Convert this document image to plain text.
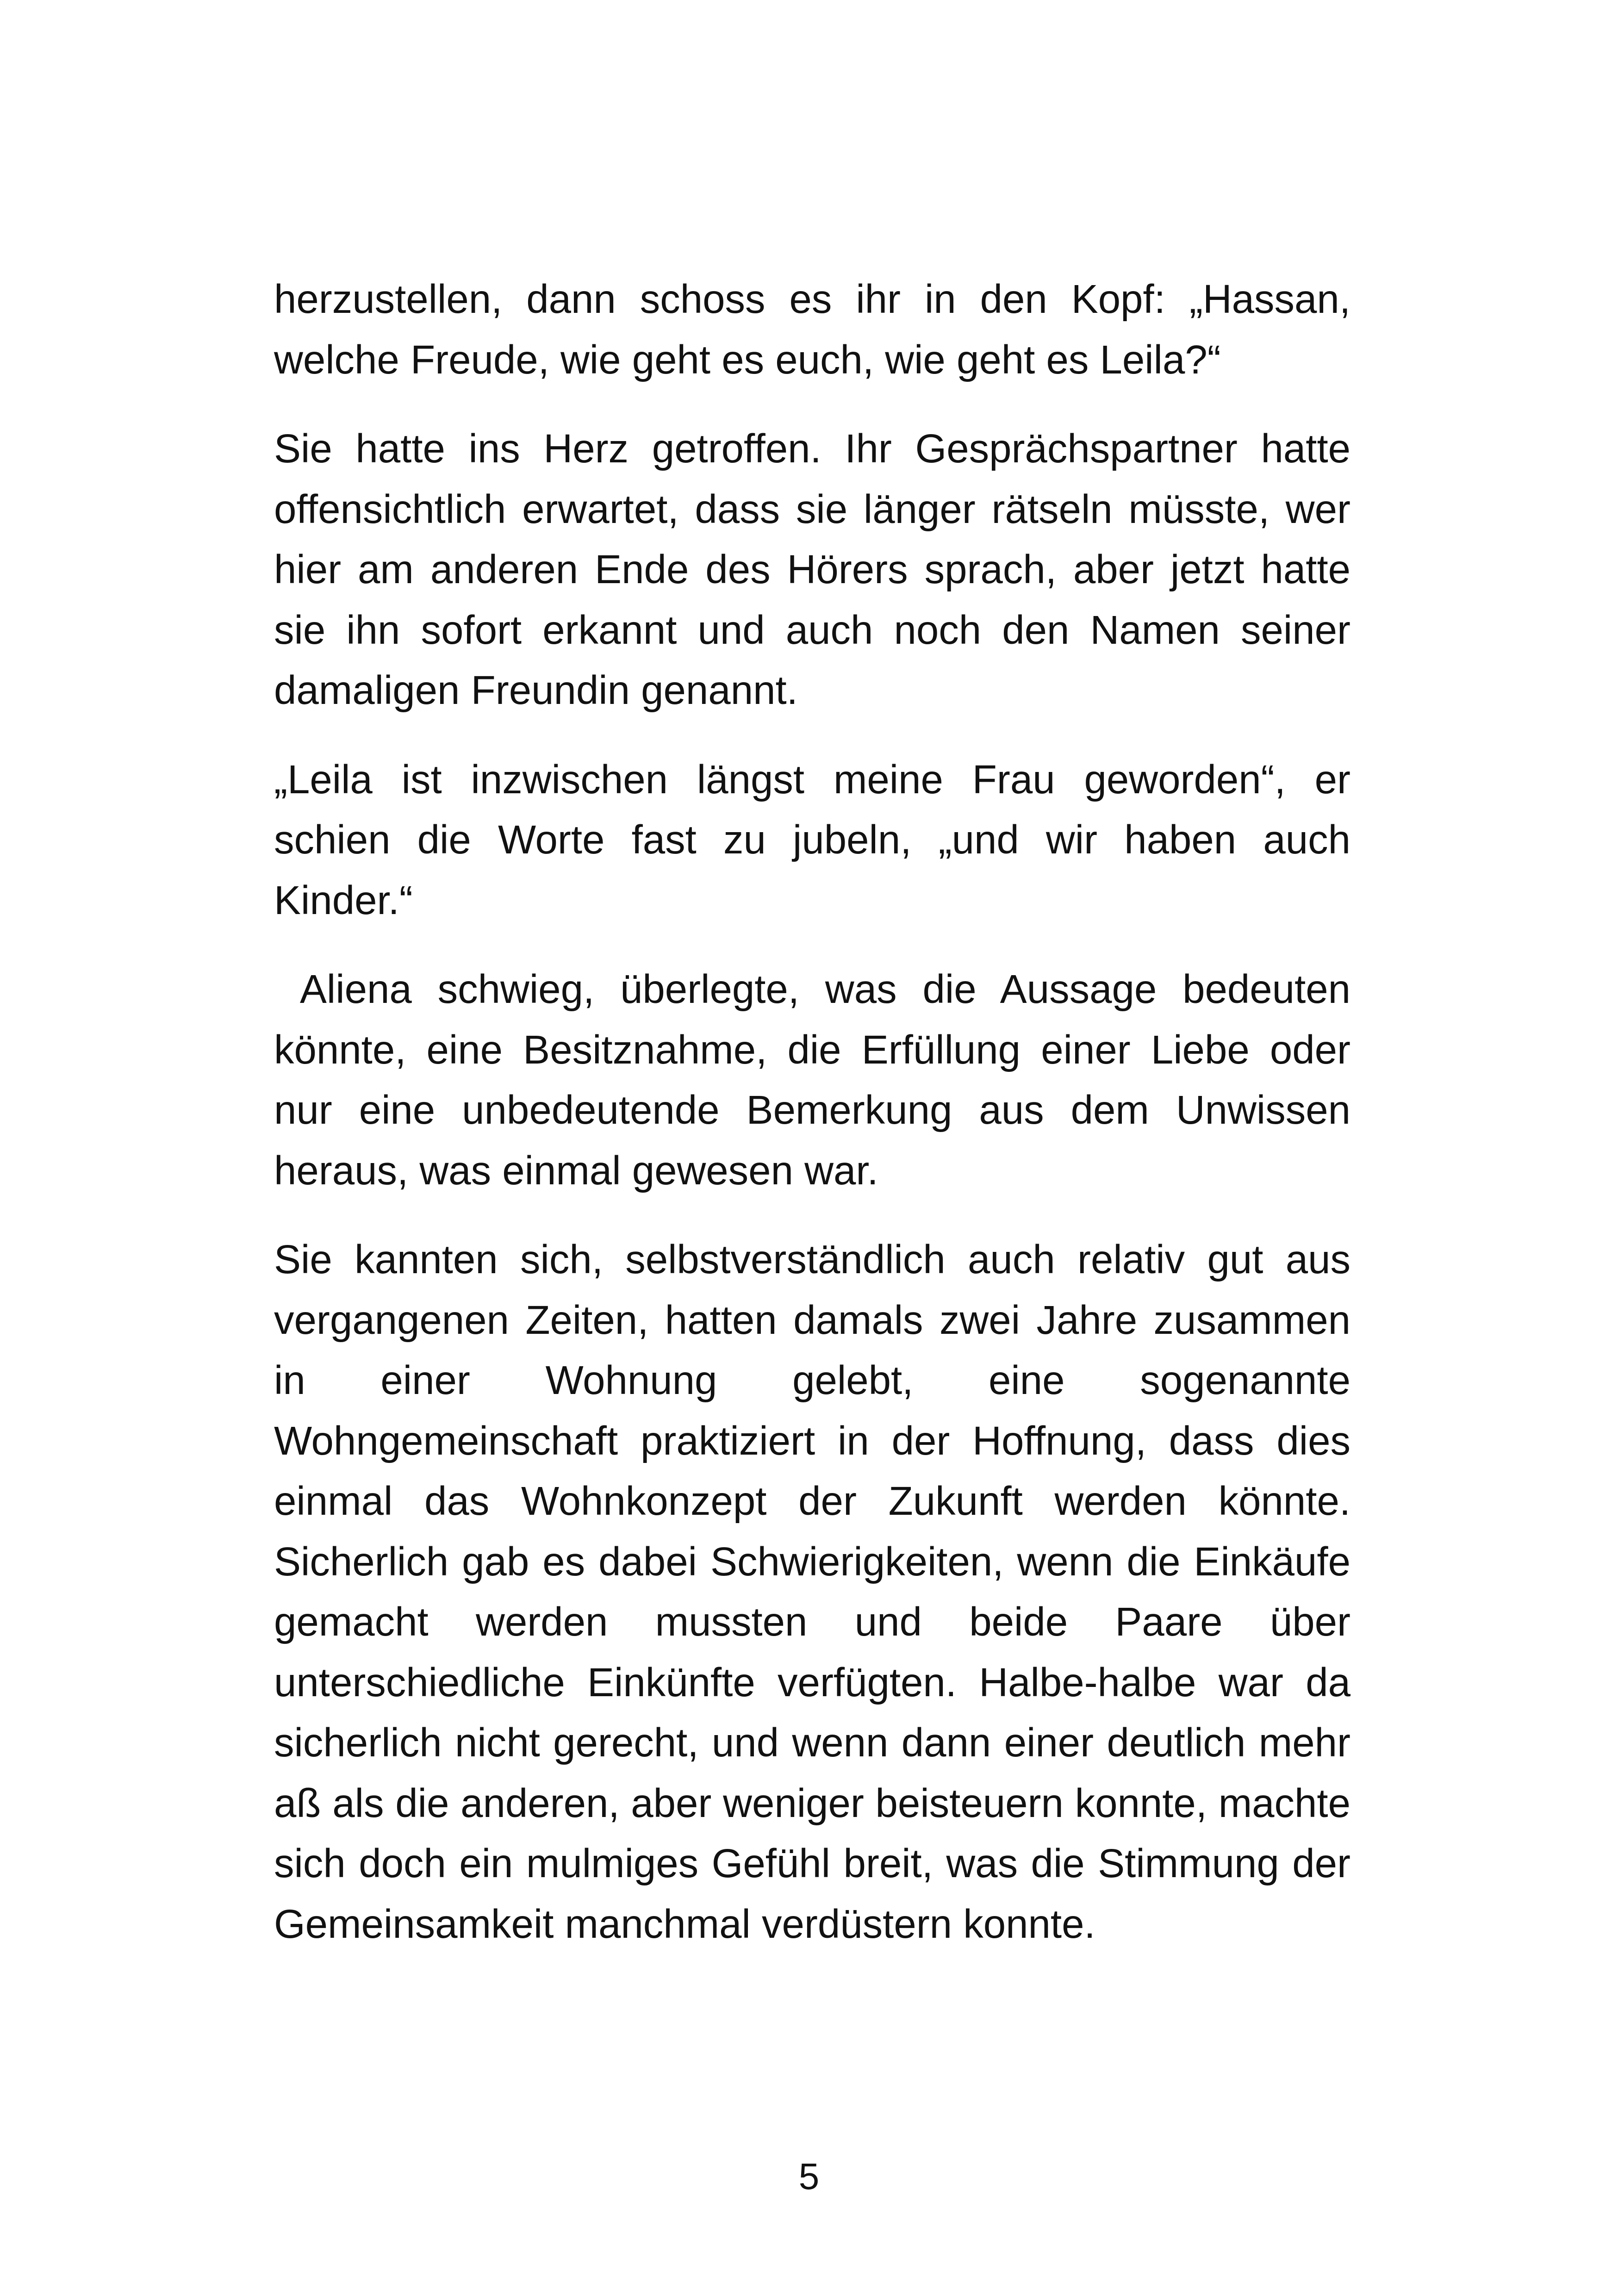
herzustellen, dann schoss es ihr in den Kopf: „Hassan, welche Freude, wie geht es euch, wie geht es Leila?“

Sie hatte ins Herz getroffen. Ihr Gesprächspartner hatte offensichtlich erwartet, dass sie länger rätseln müsste, wer hier am anderen Ende des Hörers sprach, aber jetzt hatte sie ihn sofort erkannt und auch noch den Namen seiner damaligen Freundin genannt.

„Leila ist inzwischen längst meine Frau geworden“, er schien die Worte fast zu jubeln, „und wir haben auch Kinder.“

Aliena schwieg, überlegte, was die Aussage bedeuten könnte, eine Besitznahme, die Erfüllung einer Liebe oder nur eine unbedeutende Bemerkung aus dem Unwissen heraus, was einmal gewesen war.

Sie kannten sich, selbstverständlich auch relativ gut aus vergangenen Zeiten, hatten damals zwei Jahre zusammen in einer Wohnung gelebt, eine sogenannte Wohngemeinschaft praktiziert in der Hoffnung, dass dies einmal das Wohnkonzept der Zukunft werden könnte. Sicherlich gab es dabei Schwierigkeiten, wenn die Einkäufe gemacht werden mussten und beide Paare über unterschiedliche Einkünfte verfügten. Halbe-halbe war da sicherlich nicht gerecht, und wenn dann einer deutlich mehr aß als die anderen, aber weniger beisteuern konnte, machte sich doch ein mulmiges Gefühl breit, was die Stimmung der Gemeinsamkeit manchmal verdüstern konnte.

5
